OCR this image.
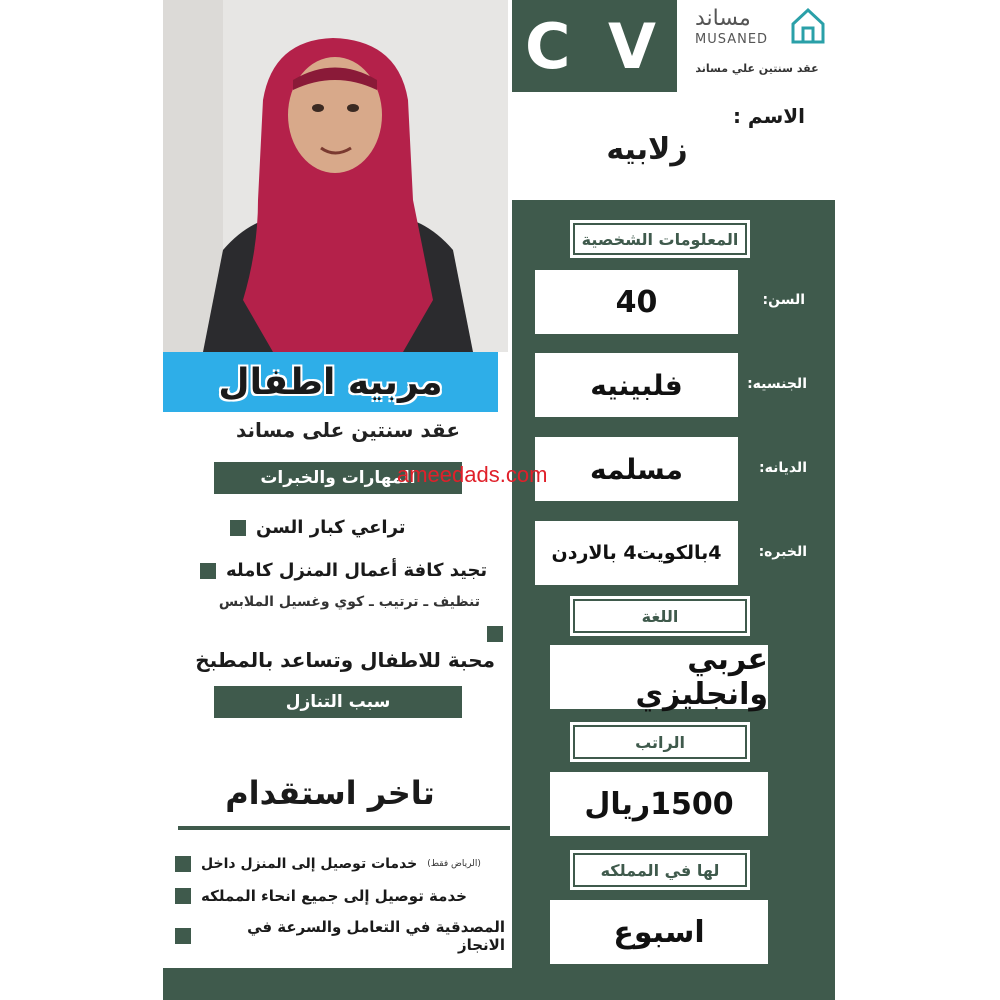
مربيه اطفال
عقد سنتين على مساند
المهارات والخبرات
تراعي كبار السن
تجيد كافة أعمال المنزل كامله
تنظيف ـ ترتيب ـ كوي وغسيل الملابس
محبة للاطفال وتساعد بالمطبخ
سبب التنازل
تاخر استقدام
خدمات توصيل إلى المنزل داخل (الرياض فقط)
خدمة توصيل إلى جميع انحاء المملكه
المصدقية في التعامل والسرعة في الانجاز
C V مساند
MUSANED
عقد سنتين علي مساند
الاسم :
زلابيه
المعلومات الشخصية
40	السن:
فلبينيه	الجنسيه:
مسلمه	الديانه:
4بالكويت4 بالاردن	الخبره:
اللغة
عربي وانجليزي
الراتب
1500ريال
لها في المملكه
اسبوع
ameedads.com
